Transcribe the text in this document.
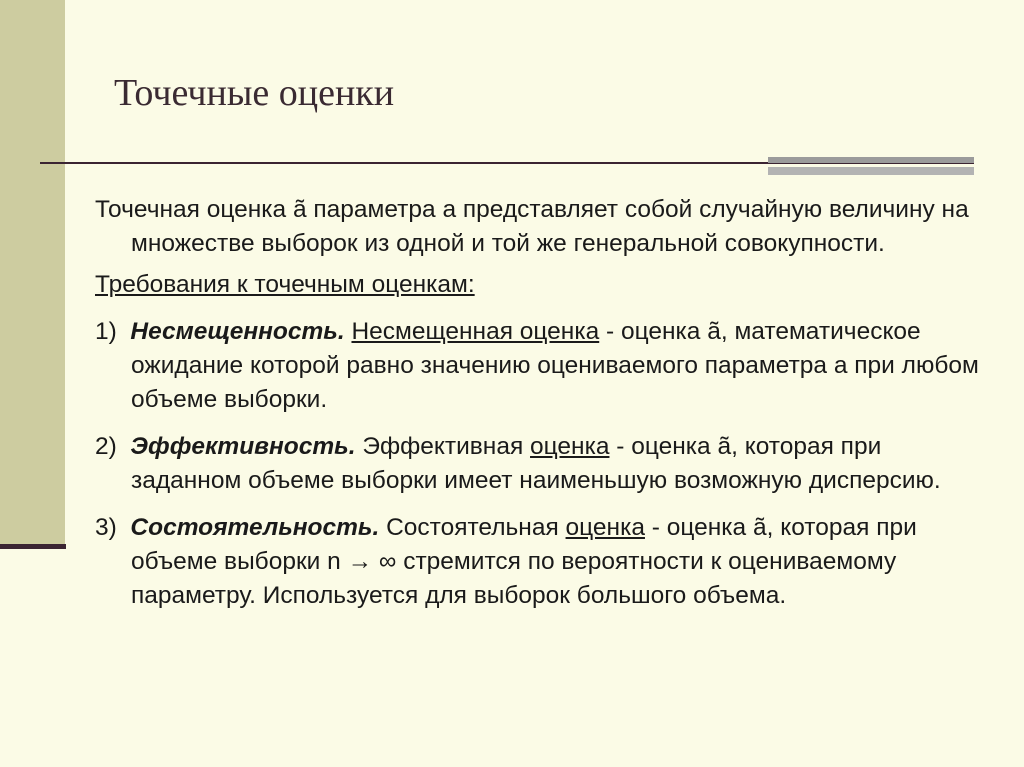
Точечные оценки

Точечная оценка ã параметра a представляет собой случайную величину на множестве выборок из одной и той же генеральной совокупности.

Требования к точечным оценкам:

1) Несмещенность. Несмещенная оценка - оценка ã, математическое ожидание которой равно значению оцениваемого параметра a при любом объеме выборки.

2) Эффективность. Эффективная оценка - оценка ã, которая при заданном объеме выборки имеет наименьшую возможную дисперсию.

3) Состоятельность. Состоятельная оценка - оценка ã, которая при объеме выборки n → ∞ стремится по вероятности к оцениваемому параметру. Используется для выборок большого объема.
